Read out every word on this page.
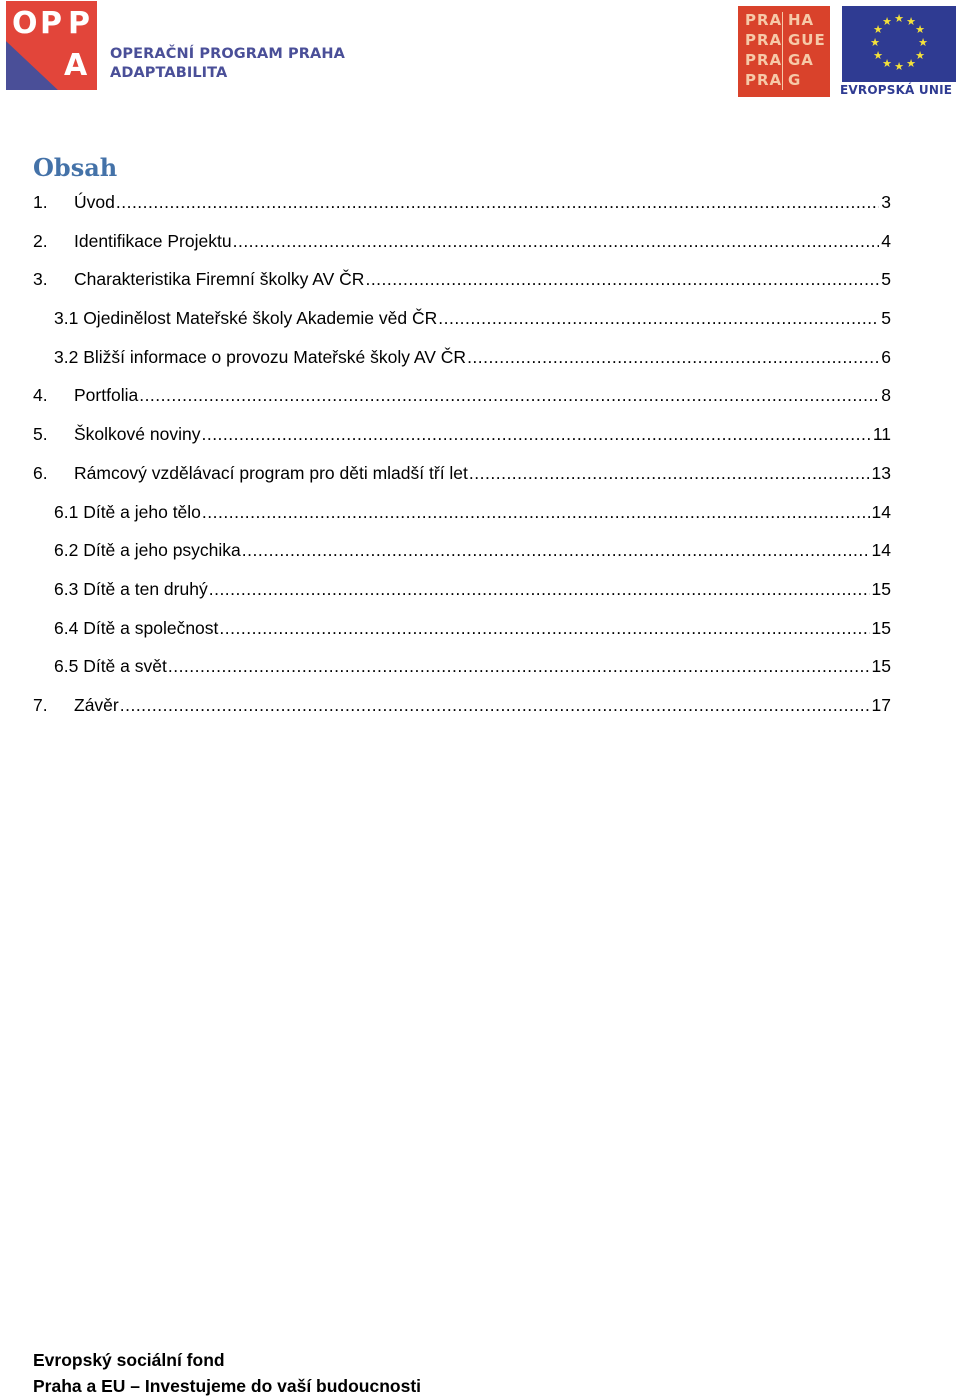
O P P
A OPERAČNÍ PROGRAM PRAHA
ADAPTABILITA
PRA
PRA
PRA
PRA
HA
GUE
GA
G
★ ★
★
★
★
★
★
★
★
★
★
★
EVROPSKÁ UNIE
Obsah
1. Úvod .....	3
2. Identifikace Projektu .....	4
3. Charakteristika Firemní školky AV ČR .....	5
3.1 Ojedinělost Mateřské školy Akademie věd ČR .....	5
3.2 Bližší informace o provozu Mateřské školy AV ČR .....	6
4. Portfolia .....	8
5. Školkové noviny .....	11
6. Rámcový vzdělávací program pro děti mladší tří let .....	13
6.1 Dítě a jeho tělo .....	14
6.2 Dítě a jeho psychika .....	14
6.3 Dítě a ten druhý .....	15
6.4 Dítě a společnost .....	15
6.5 Dítě a svět .....	15
7. Závěr .....	17
Evropský sociální fond
Praha a EU – Investujeme do vaší budoucnosti
